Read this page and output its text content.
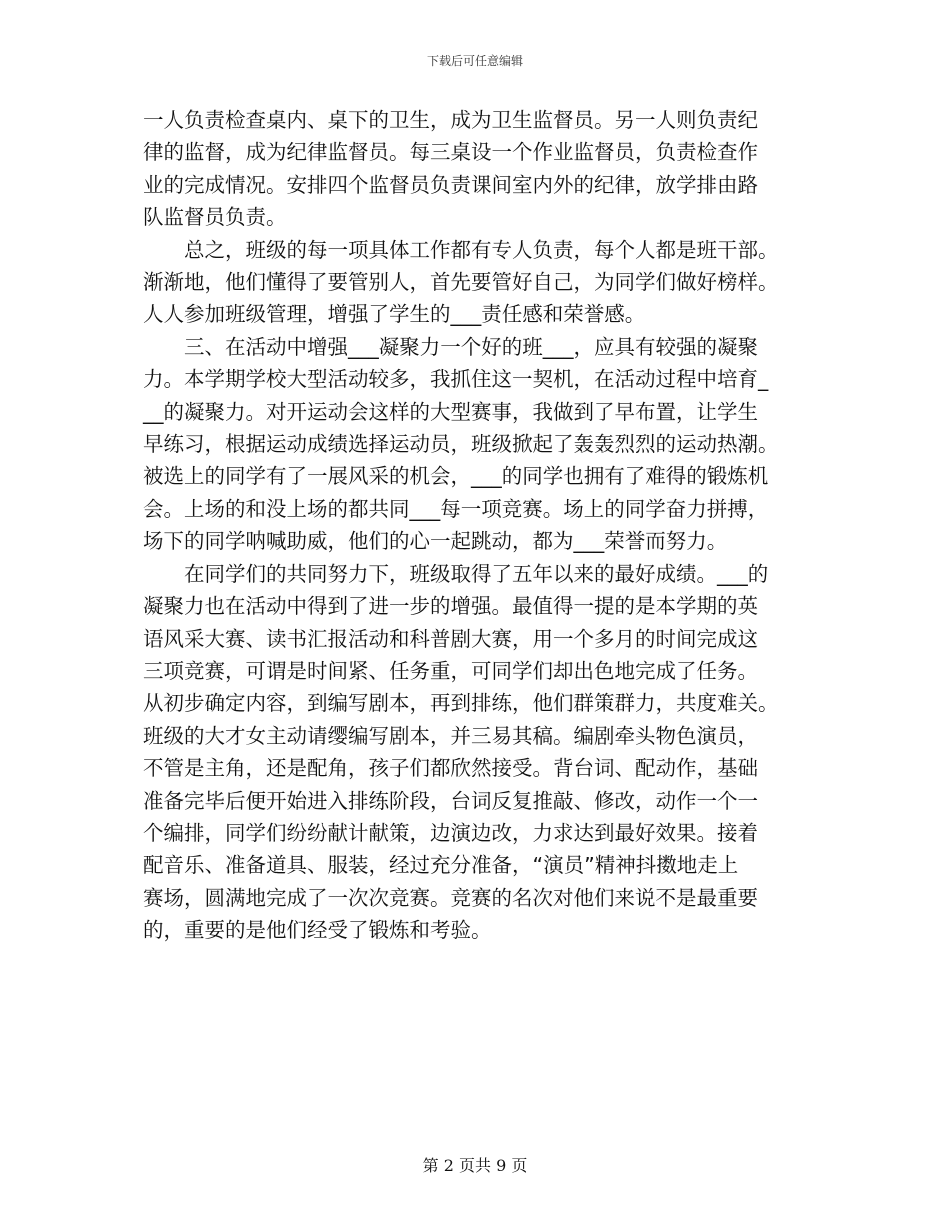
下载后可任意编辑
一人负责检查桌内、桌下的卫生，成为卫生监督员。另一人则负责纪
律的监督，成为纪律监督员。每三桌设一个作业监督员，负责检查作
业的完成情况。安排四个监督员负责课间室内外的纪律，放学排由路
队监督员负责。
　　总之，班级的每一项具体工作都有专人负责，每个人都是班干部。
渐渐地，他们懂得了要管别人，首先要管好自己，为同学们做好榜样。
人人参加班级管理，增强了学生的___责任感和荣誉感。
　　三、在活动中增强___凝聚力一个好的班___，应具有较强的凝聚
力。本学期学校大型活动较多，我抓住这一契机，在活动过程中培育_
__的凝聚力。对开运动会这样的大型赛事，我做到了早布置，让学生
早练习，根据运动成绩选择运动员，班级掀起了轰轰烈烈的运动热潮。
被选上的同学有了一展风采的机会，___的同学也拥有了难得的锻炼机
会。上场的和没上场的都共同___每一项竞赛。场上的同学奋力拼搏，
场下的同学呐喊助威，他们的心一起跳动，都为___荣誉而努力。
　　在同学们的共同努力下，班级取得了五年以来的最好成绩。___的
凝聚力也在活动中得到了进一步的增强。最值得一提的是本学期的英
语风采大赛、读书汇报活动和科普剧大赛，用一个多月的时间完成这
三项竞赛，可谓是时间紧、任务重，可同学们却出色地完成了任务。
从初步确定内容，到编写剧本，再到排练，他们群策群力，共度难关。
班级的大才女主动请缨编写剧本，并三易其稿。编剧牵头物色演员，
不管是主角，还是配角，孩子们都欣然接受。背台词、配动作，基础
准备完毕后便开始进入排练阶段，台词反复推敲、修改，动作一个一
个编排，同学们纷纷献计献策，边演边改，力求达到最好效果。接着
配音乐、准备道具、服装，经过充分准备，“演员”精神抖擞地走上
赛场，圆满地完成了一次次竞赛。竞赛的名次对他们来说不是最重要
的，重要的是他们经受了锻炼和考验。
第 2 页共 9 页
